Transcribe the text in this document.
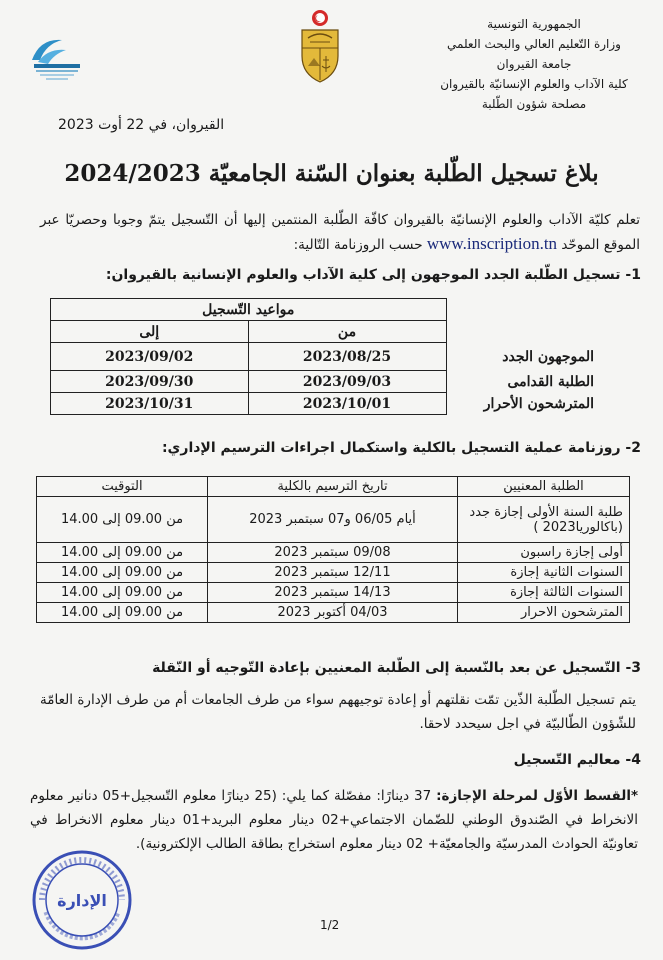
الجمهورية التونسية
وزارة التّعليم العالي والبحث العلمي
جامعة القيروان
كلية الآداب والعلوم الإنسانيّة بالقيروان
مصلحة شؤون الطّلبة
القيروان، في 22 أوت 2023
بلاغ تسجيل الطّلبة بعنوان السّنة الجامعيّة 2024/2023
تعلم كليّة الآداب والعلوم الإنسانيّة بالقيروان كافّة الطّلبة المنتمين إليها أن التّسجيل يتمّ وجوبا وحصريّا عبر الموقع الموحّد www.inscription.tn حسب الروزنامة التّالية:
1- تسجيل الطّلبة الجدد الموجهون إلى كلية الآداب والعلوم الإنسانية بالقيروان:
	مواعيد التّسجيل	
	من	إلى
الموجهون الجدد	2023/08/25	2023/09/02
الطلبة القدامى	2023/09/03	2023/09/30
المترشحون الأحرار	2023/10/01	2023/10/31
2- روزنامة عملية التسجيل بالكلية واستكمال اجراءات الترسيم الإداري:
الطلبة المعنيين	تاريخ الترسيم بالكلية	التوقيت
طلبة السنة الأولى إجازة جدد (باكالوريا2023 )	أيام 06/05 و07 سبتمبر 2023	من 09.00 إلى 14.00
أولى إجازة راسبون	09/08 سبتمبر 2023	من 09.00 إلى 14.00
السنوات الثانية إجازة	12/11 سبتمبر 2023	من 09.00 إلى 14.00
السنوات الثالثة إجازة	14/13 سبتمبر 2023	من 09.00 إلى 14.00
المترشحون الاحرار	04/03 أكتوبر 2023	من 09.00 إلى 14.00
3- التّسجيل عن بعد بالنّسبة إلى الطّلبة المعنيين بإعادة التّوجيه أو النّقلة
يتم تسجيل الطّلبة الذّين تمّت نقلتهم أو إعادة توجيههم سواء من طرف الجامعات أم من طرف الإدارة العامّة للشّؤون الطّالبيّة في اجل سيحدد لاحقا.
4- معاليم التّسجيل
*القسط الأوّل لمرحلة الإجازة: 37 دينارًا: مفصّلة كما يلي: (25 دينارًا معلوم التّسجيل+05 دنانير معلوم الانخراط في الصّندوق الوطني للضّمان الاجتماعي+02 دينار معلوم البريد+01 دينار معلوم الانخراط في تعاونيّة الحوادث المدرسيّة والجامعيّة+ 02 دينار معلوم استخراج بطاقة الطالب الإلكترونية).
الإدارة
1/2
